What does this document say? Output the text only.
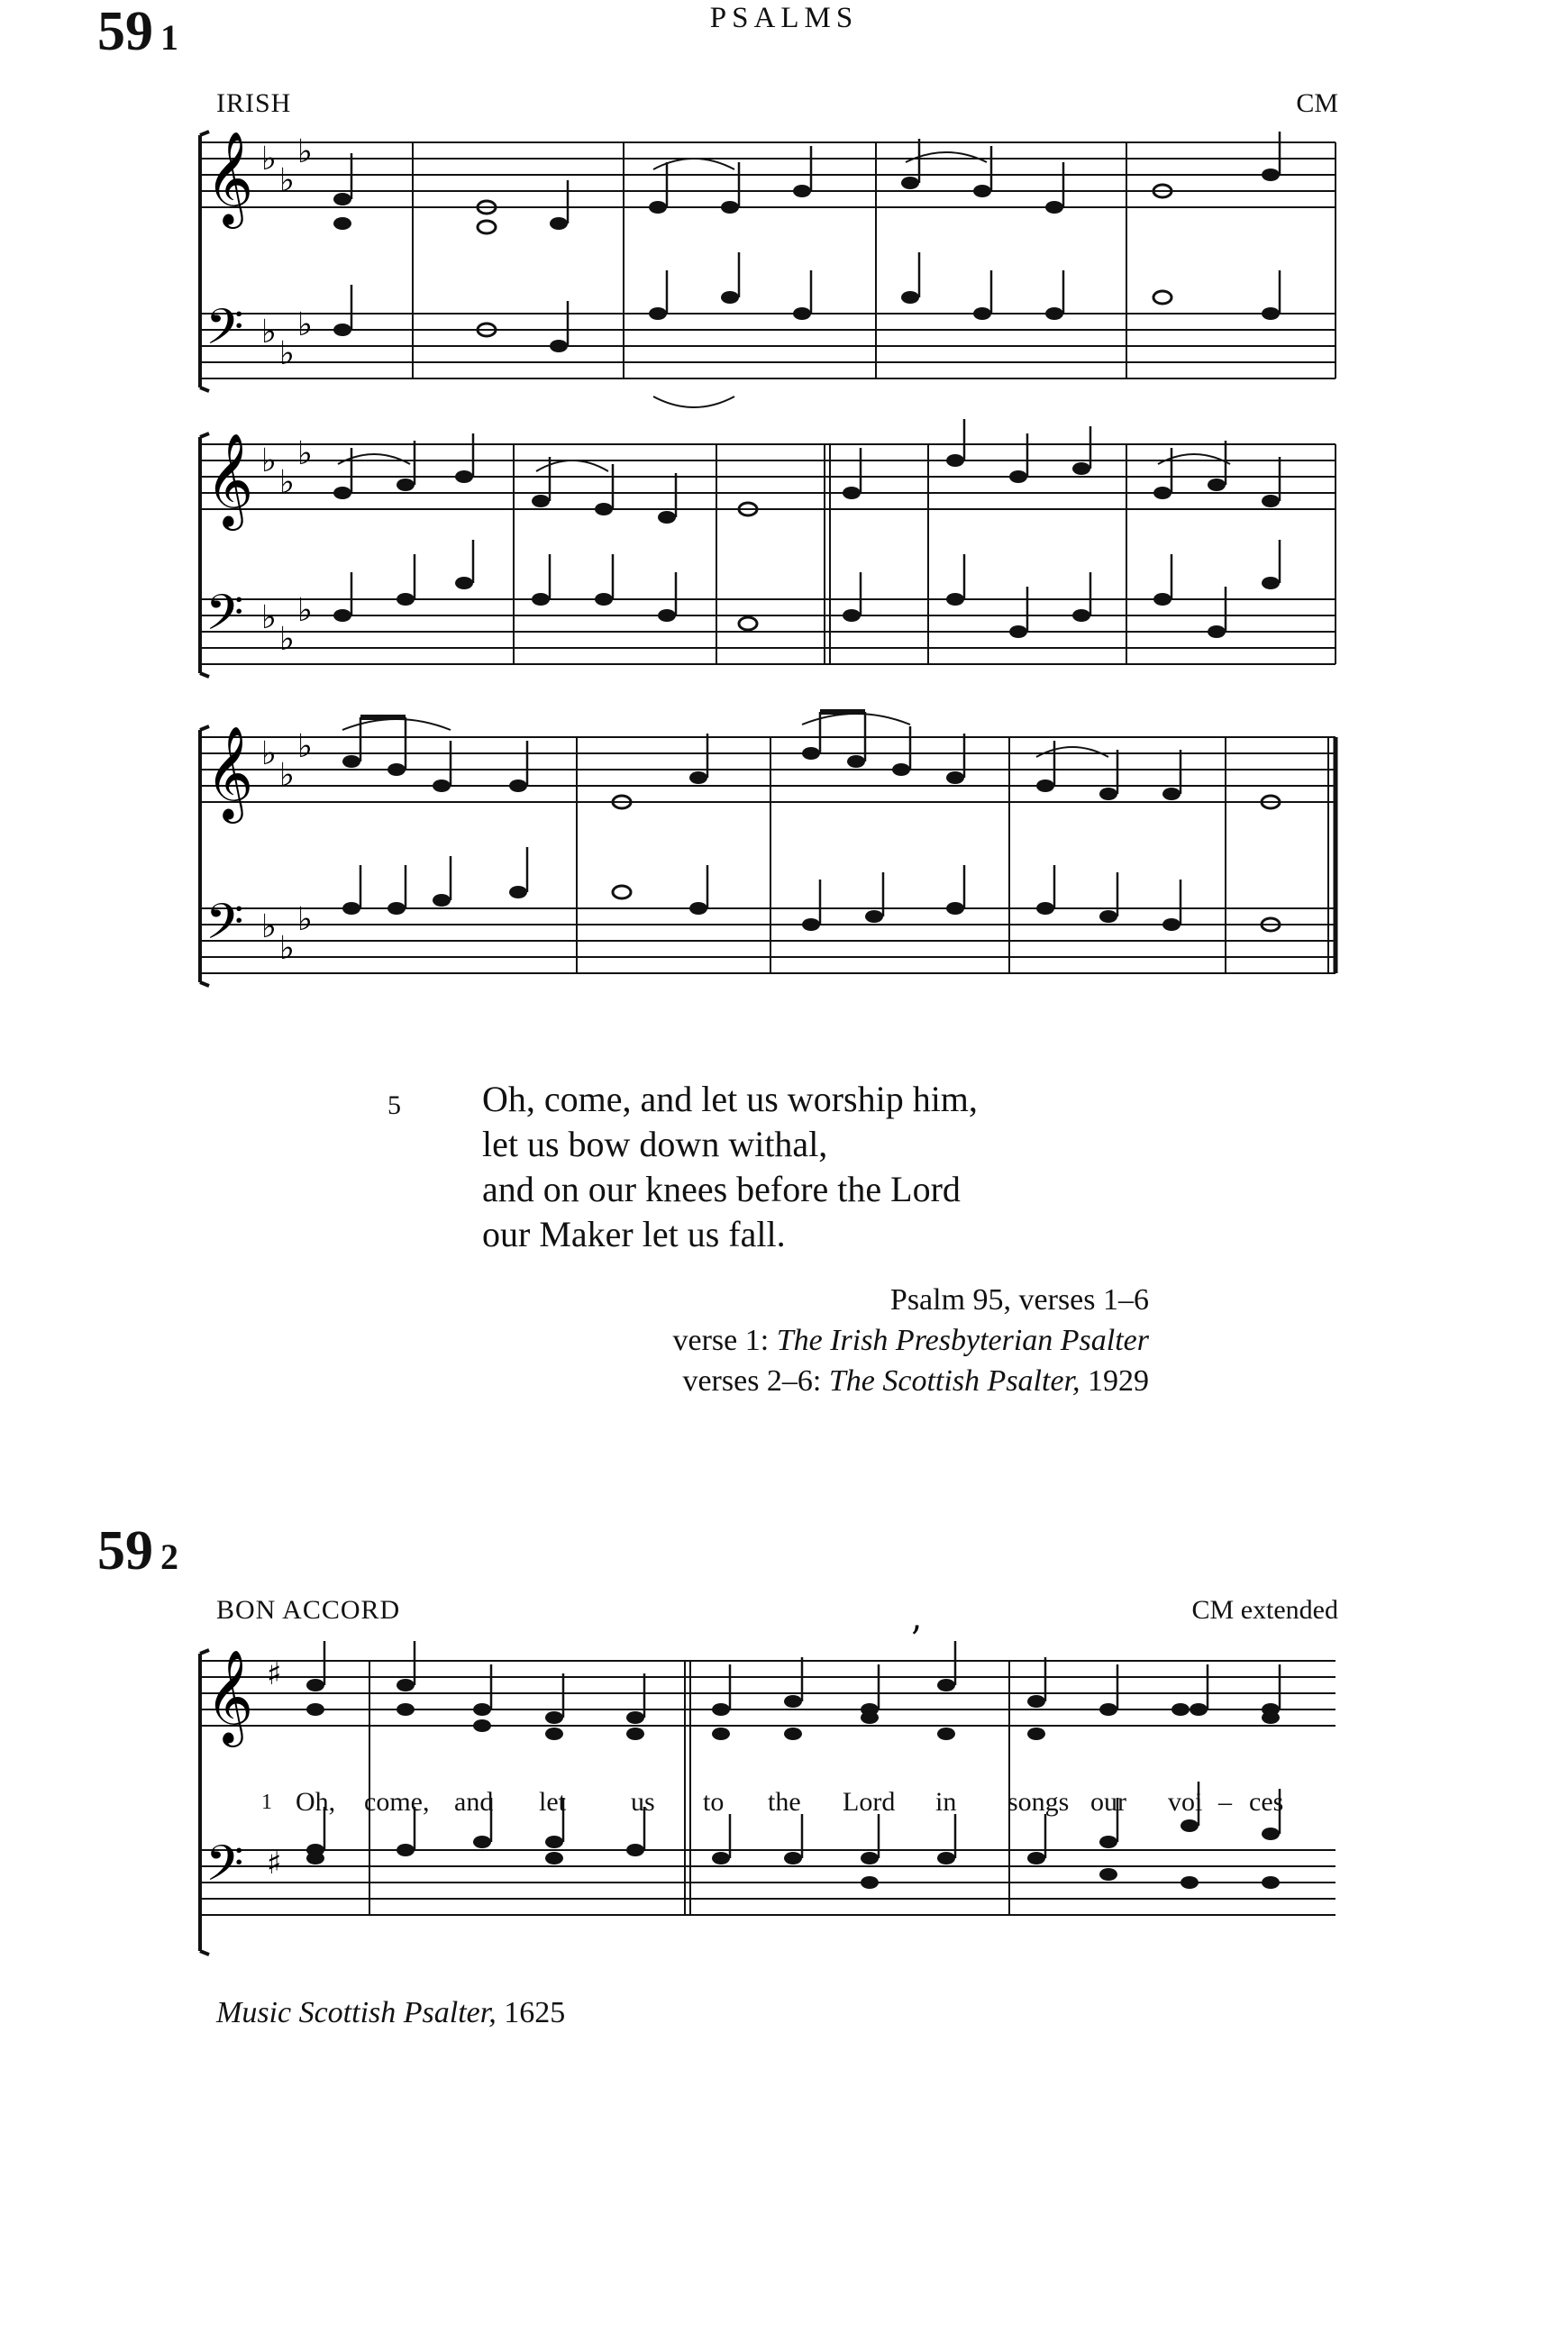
59 1	PSALMS
IRISH	CM
𝄞
𝄢
♭
♭
♭
♭
♭
♭
𝄞
𝄢
♭
♭
♭
♭
♭
♭
𝄞
𝄢
♭
♭
♭
♭
♭
♭
5 Oh, come, and let us worship him,
let us bow down withal,
and on our knees before the Lord
our Maker let us fall.
Psalm 95, verses 1–6
verse 1: The Irish Presbyterian Psalter
verses 2–6: The Scottish Psalter, 1929
59 2
BON ACCORD	CM extended
𝄞
𝄢
♯
♯
’
1 Oh, come, and let us to the Lord in songs our voi – ces
Music Scottish Psalter, 1625
